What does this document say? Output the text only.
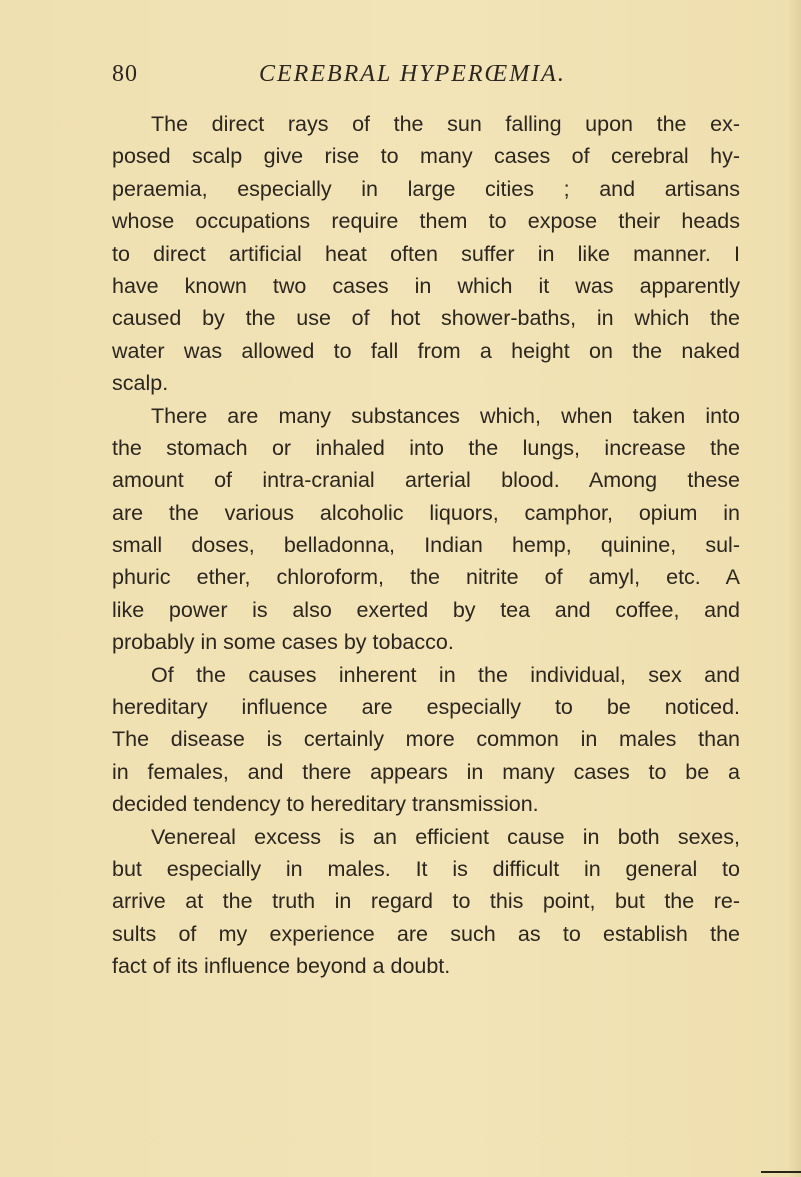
80	CEREBRAL HYPERŒMIA.
The direct rays of the sun falling upon the ex-
posed scalp give rise to many cases of cerebral hy-
peraemia, especially in large cities ; and artisans
whose occupations require them to expose their heads
to direct artificial heat often suffer in like manner. I
have known two cases in which it was apparently
caused by the use of hot shower-baths, in which the
water was allowed to fall from a height on the naked
scalp.
There are many substances which, when taken into
the stomach or inhaled into the lungs, increase the
amount of intra-cranial arterial blood. Among these
are the various alcoholic liquors, camphor, opium in
small doses, belladonna, Indian hemp, quinine, sul-
phuric ether, chloroform, the nitrite of amyl, etc. A
like power is also exerted by tea and coffee, and
probably in some cases by tobacco.
Of the causes inherent in the individual, sex and
hereditary influence are especially to be noticed.
The disease is certainly more common in males than
in females, and there appears in many cases to be a
decided tendency to hereditary transmission.
Venereal excess is an efficient cause in both sexes,
but especially in males. It is difficult in general to
arrive at the truth in regard to this point, but the re-
sults of my experience are such as to establish the
fact of its influence beyond a doubt.
